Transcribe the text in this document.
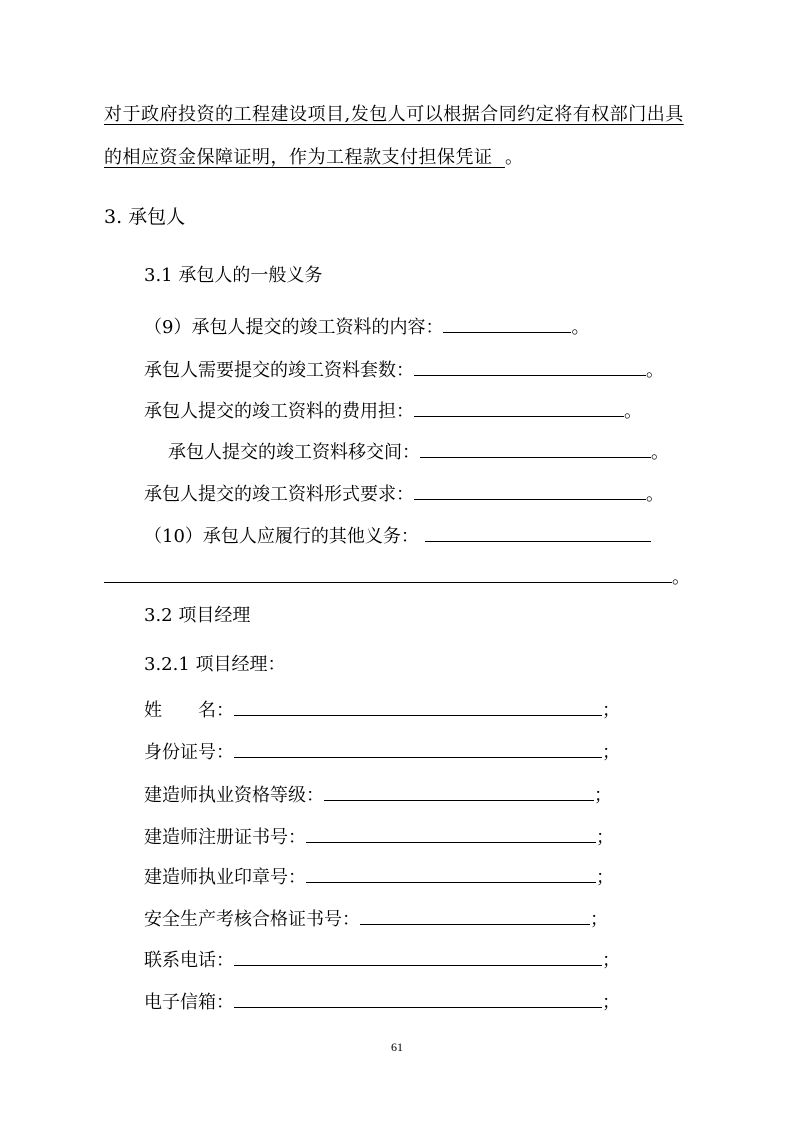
对于政府投资的工程建设项目,发包人可以根据合同约定将有权部门出具
的相应资金保障证明，作为工程款支付担保凭证 。
3. 承包人
3.1 承包人的一般义务
（9）承包人提交的竣工资料的内容：	。
承包人需要提交的竣工资料套数：	。
承包人提交的竣工资料的费用担：	。
承包人提交的竣工资料移交间：	。
承包人提交的竣工资料形式要求：	。
（10）承包人应履行的其他义务：
。
3.2 项目经理
3.2.1 项目经理：
姓　　名：	；
身份证号：	；
建造师执业资格等级：	；
建造师注册证书号：	；
建造师执业印章号：	；
安全生产考核合格证书号：	；
联系电话：	；
电子信箱：	；
61
